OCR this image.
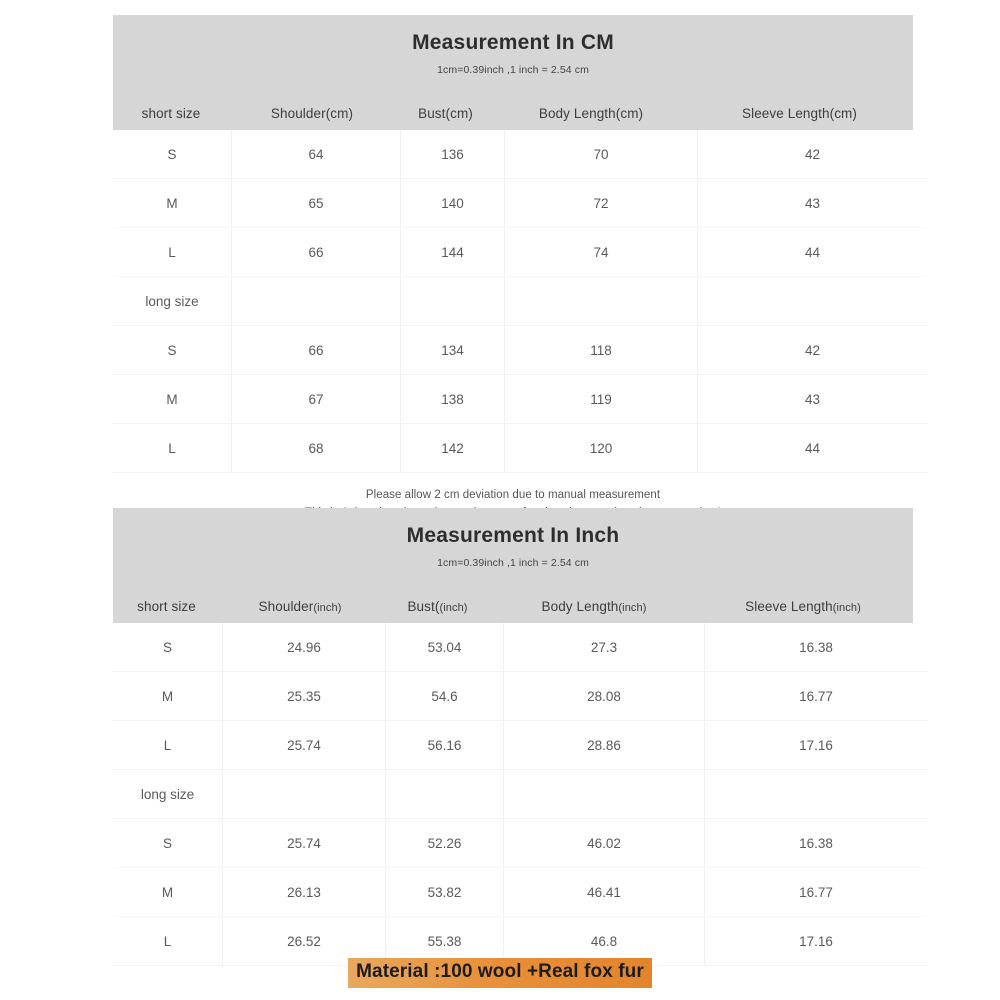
Measurement In CM
1cm=0.39inch ,1 inch = 2.54 cm
short size	Shoulder(cm)	Bust(cm)	Body Length(cm)	Sleeve Length(cm)
S	64	136	70	42
M	65	140	72	43
L	66	144	74	44
long size				
S	66	134	118	42
M	67	138	119	43
L	68	142	120	44
Please allow 2 cm deviation due to manual measurement
Measurement In Inch
1cm=0.39inch ,1 inch = 2.54 cm
short size	Shoulder(inch)	Bust((inch)	Body Length(inch)	Sleeve Length(inch)
S	24.96	53.04	27.3	16.38
M	25.35	54.6	28.08	16.77
L	25.74	56.16	28.86	17.16
long size				
S	25.74	52.26	46.02	16.38
M	26.13	53.82	46.41	16.77
L	26.52	55.38	46.8	17.16
Material :100 wool +Real fox fur
